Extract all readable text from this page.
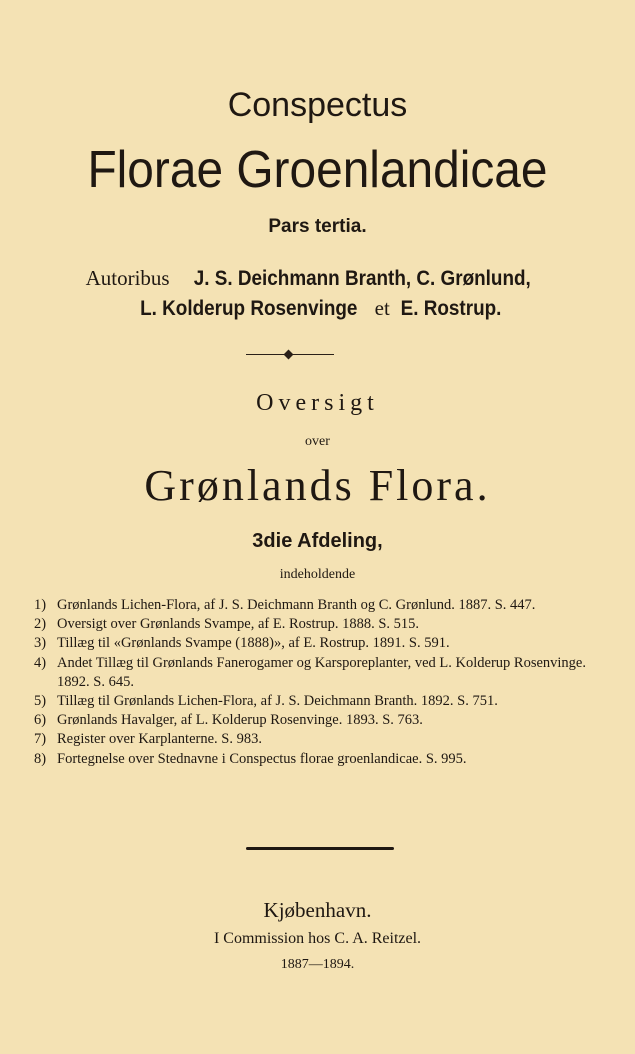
Conspectus
Florae Groenlandicae
Pars tertia.
Autoribus J. S. Deichmann Branth, C. Grønlund,
L. Kolderup Rosenvinge et E. Rostrup.
Oversigt
over
Grønlands Flora.
3die Afdeling,
indeholdende
1) Grønlands Lichen-Flora, af J. S. Deichmann Branth og C. Grønlund. 1887. S. 447.
2) Oversigt over Grønlands Svampe, af E. Rostrup. 1888. S. 515.
3) Tillæg til «Grønlands Svampe (1888)», af E. Rostrup. 1891. S. 591.
4) Andet Tillæg til Grønlands Fanerogamer og Karsporeplanter, ved L. Kolderup Rosenvinge. 1892. S. 645.
5) Tillæg til Grønlands Lichen-Flora, af J. S. Deichmann Branth. 1892. S. 751.
6) Grønlands Havalger, af L. Kolderup Rosenvinge. 1893. S. 763.
7) Register over Karplanterne. S. 983.
8) Fortegnelse over Stednavne i Conspectus florae groenlandicae. S. 995.
Kjøbenhavn.
I Commission hos C. A. Reitzel.
1887—1894.
